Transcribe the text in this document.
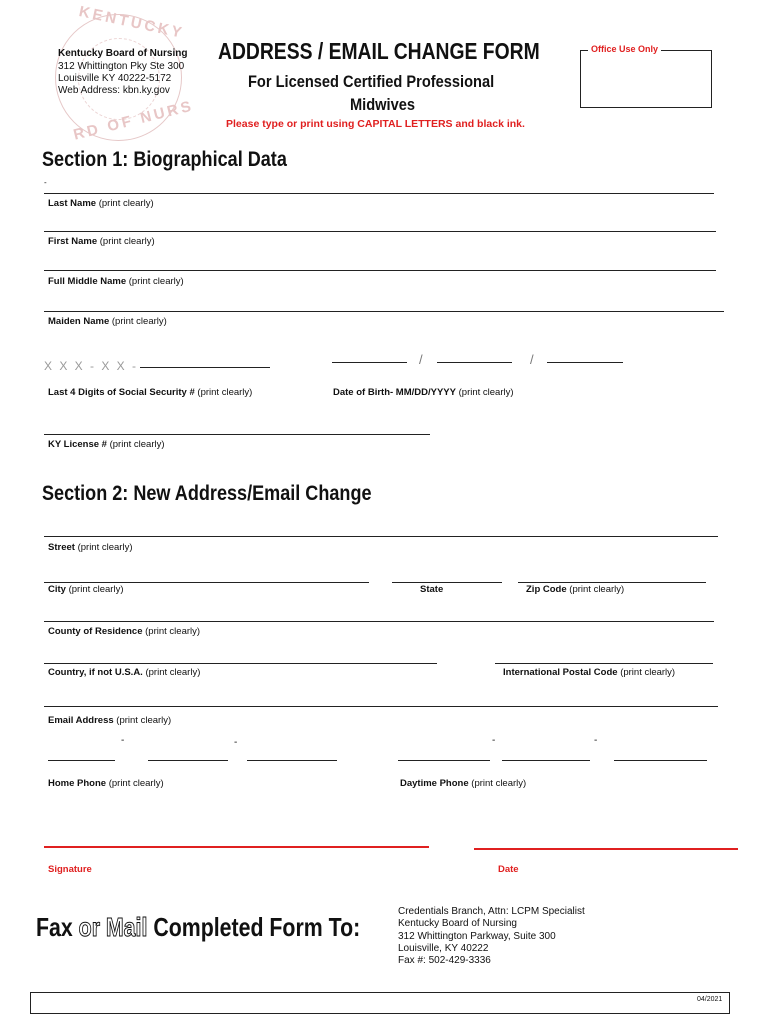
KENTUCKY
RD OF NURS
Kentucky Board of Nursing
312 Whittington Pky Ste 300
Louisville KY 40222-5172
Web Address: kbn.ky.gov
ADDRESS / EMAIL CHANGE FORM
For Licensed Certified Professional
Midwives
Please type or print using CAPITAL LETTERS and black ink.
Office Use Only
Section 1: Biographical Data
-
Last Name (print clearly)
First Name (print clearly)
Full Middle Name (print clearly)
Maiden Name (print clearly)
X X X - X X -
Last 4 Digits of Social Security # (print clearly)
/	/
Date of Birth- MM/DD/YYYY (print clearly)
KY License # (print clearly)
Section 2: New Address/Email Change
Street (print clearly)
City (print clearly)	State	Zip Code (print clearly)
County of Residence (print clearly)
Country, if not U.S.A. (print clearly)	International Postal Code (print clearly)
Email Address (print clearly)
-	-
Home Phone (print clearly)
-	-
Daytime Phone (print clearly)
Signature	Date
Fax or Mail Completed Form To:
Credentials Branch, Attn: LCPM Specialist
Kentucky Board of Nursing
312 Whittington Parkway, Suite 300
Louisville, KY 40222
Fax #: 502-429-3336
04/2021
